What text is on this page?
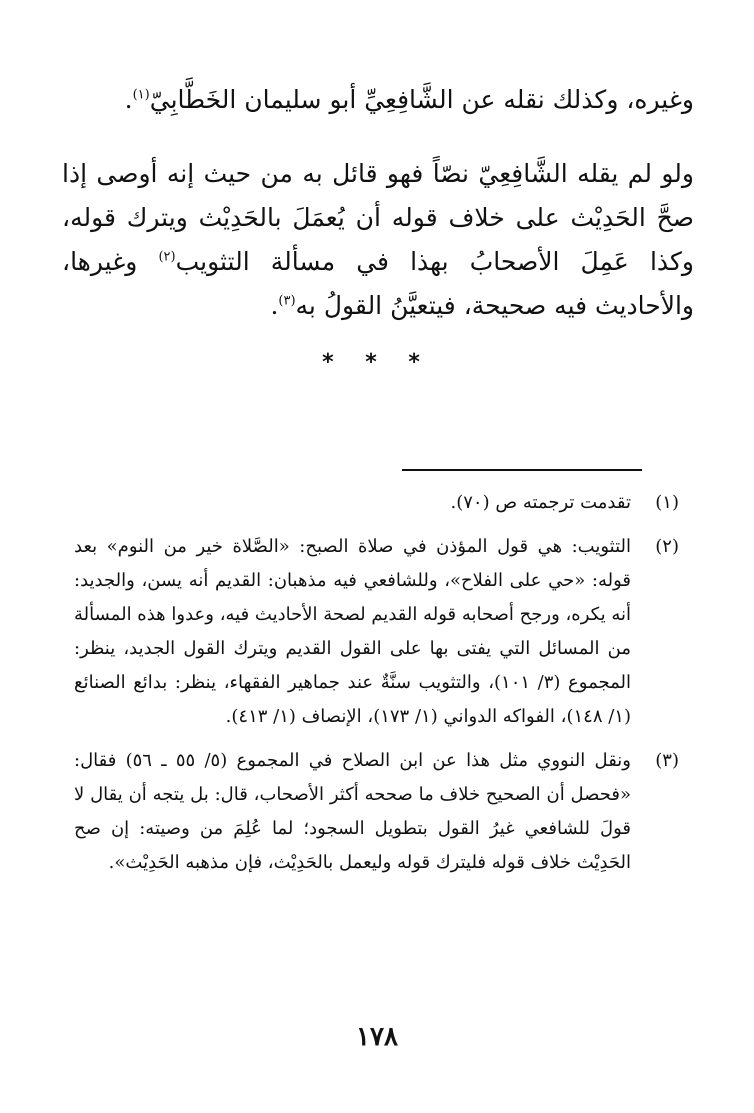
وغيره، وكذلك نقله عن الشَّافِعِيِّ أبو سليمان الخَطَّابِيّ$^{(١)}$.

ولو لم يقله الشَّافِعِيّ نصّاً فهو قائل به من حيث إنه أوصى إذا صحَّ الحَدِيْث على خلاف قوله أن يُعمَلَ بالحَدِيْث ويترك قوله، وكذا عَمِلَ الأصحابُ بهذا في مسألة التثويب$^{(٢)}$ وغيرها، والأحاديث فيه صحيحة، فيتعيَّنُ القولُ به$^{(٣)}$.

* * *
(١)
تقدمت ترجمته ص (٧٠).
(٢)
التثويب: هي قول المؤذن في صلاة الصبح: «الصَّلاة خير من النوم» بعد قوله: «حي على الفلاح»، وللشافعي فيه مذهبان: القديم أنه يسن، والجديد: أنه يكره، ورجح أصحابه قوله القديم لصحة الأحاديث فيه، وعدوا هذه المسألة من المسائل التي يفتى بها على القول القديم ويترك القول الجديد، ينظر: المجموع (٣/ ١٠١)، والتثويب سنَّةٌ عند جماهير الفقهاء، ينظر: بدائع الصنائع (١/ ١٤٨)، الفواكه الدواني (١/ ١٧٣)، الإنصاف (١/ ٤١٣).
(٣)
ونقل النووي مثل هذا عن ابن الصلاح في المجموع (٥/ ٥٥ ـ ٥٦) فقال: «فحصل أن الصحيح خلاف ما صححه أكثر الأصحاب، قال: بل يتجه أن يقال لا قولَ للشافعي غيرُ القول بتطويل السجود؛ لما عُلِمَ من وصيته: إن صح الحَدِيْث خلاف قوله فليترك قوله وليعمل بالحَدِيْث، فإن مذهبه الحَدِيْث».
١٧٨
